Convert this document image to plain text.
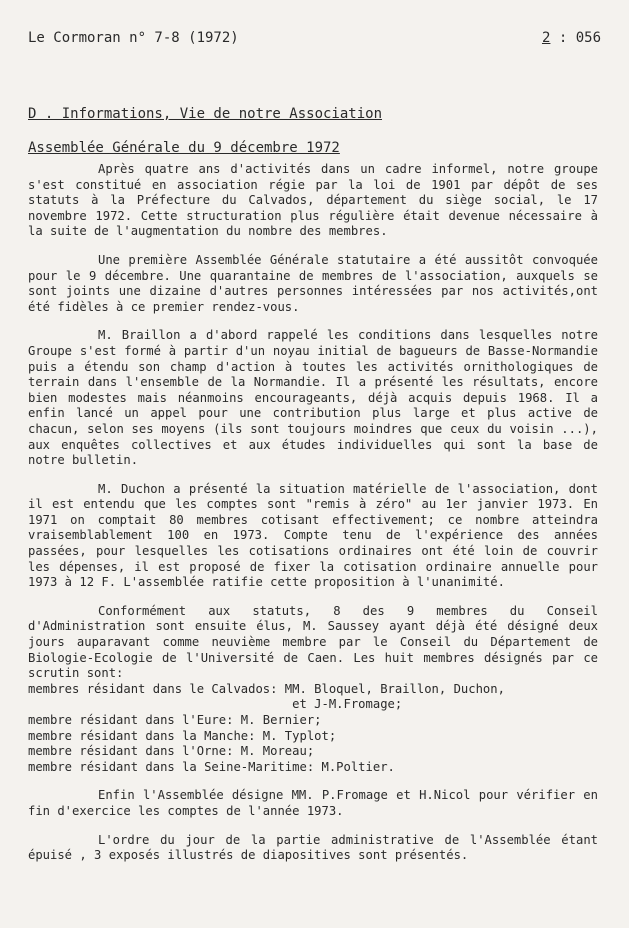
Le Cormoran n° 7-8 (1972)	2 : 056
D . Informations, Vie de notre Association
Assemblée Générale du 9 décembre 1972

Après quatre ans d'activités dans un cadre informel, notre groupe s'est constitué en association régie par la loi de 1901 par dépôt de ses statuts à la Préfecture du Calvados, département du siège social, le 17 novembre 1972. Cette structuration plus régulière était devenue nécessaire à la suite de l'augmentation du nombre des membres.

Une première Assemblée Générale statutaire a été aussitôt convoquée pour le 9 décembre. Une quarantaine de membres de l'association, auxquels se sont joints une dizaine d'autres personnes intéressées par nos activités,ont été fidèles à ce premier rendez-vous.

M. Braillon a d'abord rappelé les conditions dans lesquelles notre Groupe s'est formé à partir d'un noyau initial de bagueurs de Basse-Normandie puis a étendu son champ d'action à toutes les activités ornithologiques de terrain dans l'ensemble de la Normandie. Il a présenté les résultats, encore bien modestes mais néanmoins encourageants, déjà acquis depuis 1968. Il a enfin lancé un appel pour une contribution plus large et plus active de chacun, selon ses moyens (ils sont toujours moindres que ceux du voisin ...), aux enquêtes collectives et aux études individuelles qui sont la base de notre bulletin.

M. Duchon a présenté la situation matérielle de l'association, dont il est entendu que les comptes sont "remis à zéro" au 1er janvier 1973. En 1971 on comptait 80 membres cotisant effectivement; ce nombre atteindra vraisemblablement 100 en 1973. Compte tenu de l'expérience des années passées, pour lesquelles les cotisations ordinaires ont été loin de couvrir les dépenses, il est proposé de fixer la cotisation ordinaire annuelle pour 1973 à 12 F. L'assemblée ratifie cette proposition à l'unanimité.

Conformément aux statuts, 8 des 9 membres du Conseil d'Administration sont ensuite élus, M. Saussey ayant déjà été désigné deux jours auparavant comme neuvième membre par le Conseil du Département de Biologie-Ecologie de l'Université de Caen. Les huit membres désignés par ce scrutin sont:

membres résidant dans le Calvados: MM. Bloquel, Braillon, Duchon,
et J-M.Fromage;
membre résidant dans l'Eure: M. Bernier;
membre résidant dans la Manche: M. Typlot;
membre résidant dans l'Orne: M. Moreau;
membre résidant dans la Seine-Maritime: M.Poltier.

Enfin l'Assemblée désigne MM. P.Fromage et H.Nicol pour vérifier en fin d'exercice les comptes de l'année 1973.

L'ordre du jour de la partie administrative de l'Assemblée étant épuisé , 3 exposés illustrés de diapositives sont présentés.
